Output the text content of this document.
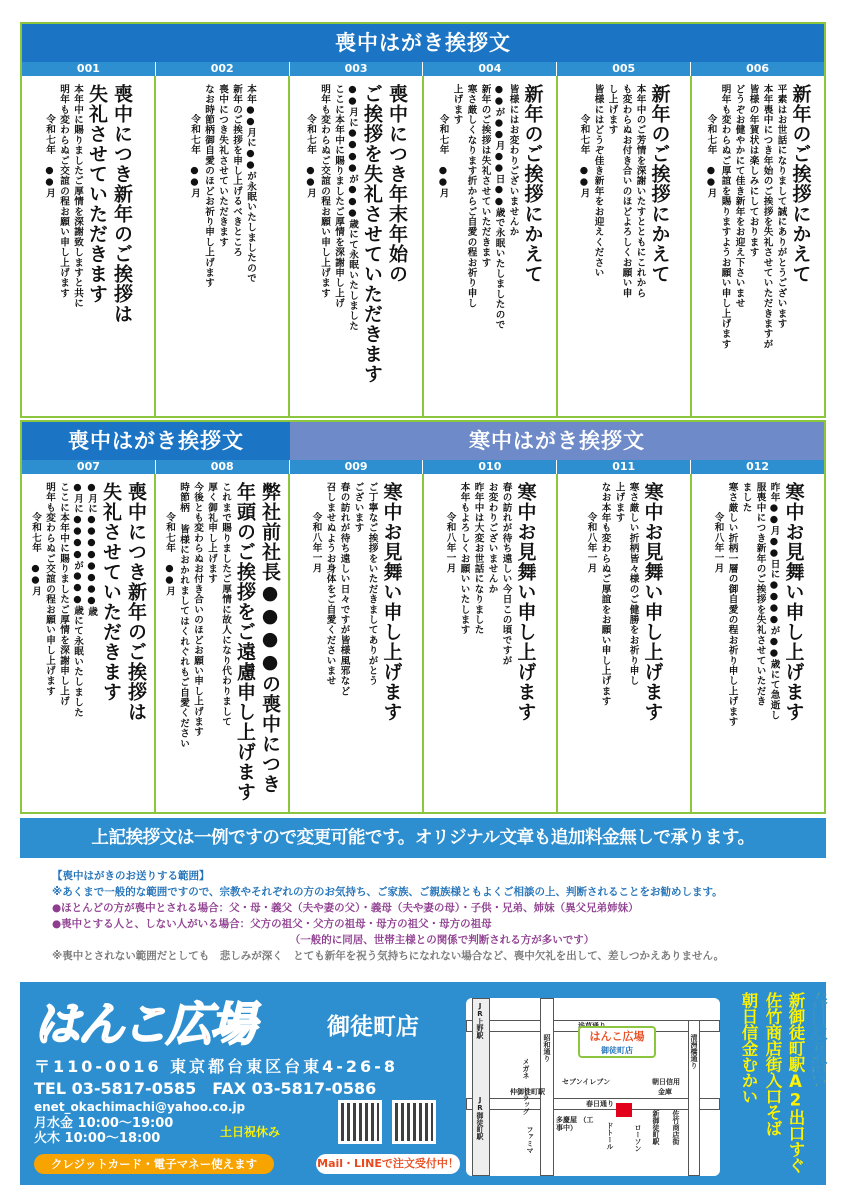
喪中はがき挨拶文
001	002	003	004	005	006
喪中につき新年のご挨拶は
失礼させていただきます
本年中に賜りましたご厚情を深謝致しますと共に
明年も変わらぬご交誼の程お願い申し上げます
令和七年　●●月	本年●●月に●●が永眠いたしましたので
新年のご挨拶を申し上げるべきところ
喪中につき失礼させていただきます
なお時節柄御自愛のほどお祈り申し上げます
令和七年　●●月	喪中につき年末年始の
ご挨拶を失礼させていただきます
●●月に●●●●が●●●歳にて永眠いたしました
ここに本年中に賜りましたご厚情を深謝申し上げ
明年も変わらぬご交誼の程お願い申し上げます
令和七年　●●月	新年のご挨拶にかえて
皆様にはお変わりございませんか
●●が●●月●●日●●歳で永眠いたしましたので
新年のご挨拶は失礼させていただきます
寒さ厳しくなります折からご自愛の程お祈り申し
上げます
令和七年　●●月	新年のご挨拶にかえて
本年中のご芳情を深謝いたすとともにこれから
も変わらぬお付き合いのほどよろしくお願い申
し上げます
皆様にはどうぞ佳き新年をお迎えください
令和七年　●●月	新年のご挨拶にかえて
平素はお世話になりまして誠にありがとうございます
本年喪中につき年始のご挨拶を失礼させていただきますが
皆様の年賀状は楽しみにしております
どうぞお健やかにて佳き新年をお迎え下さいませ
明年も変わらぬご厚誼を賜りますようお願い申し上げます
令和七年　●●月
喪中はがき挨拶文	寒中はがき挨拶文
007	008	009	010	011	012
喪中につき新年のご挨拶は
失礼させていただきます
●月に●●●●●●●●歳
●月に●●●●が●●●歳にて永眠いたしました
ここに本年中に賜りましたご厚情を深謝申し上げ
明年も変わらぬご交誼の程お願い申し上げます
令和七年　●●月	弊社前社長●●●●の喪中につき
年頭のご挨拶をご遠慮申し上げます
これまで賜りましたご厚情に故人になり代わりまして
厚く御礼申し上げます
今後とも変わらぬお付き合いのほどお願い申し上げます
時節柄 皆様におかれましてはくれぐれもご自愛ください
令和七年　●●月	寒中お見舞い申し上げます
ご丁寧なご挨拶をいただきましてありがとう
ございます
春の訪れが待ち遠しい日々ですが皆様風邪など
召しませぬようお身体をご自愛くださいませ
令和八年一月	寒中お見舞い申し上げます
春の訪れが待ち遠しい今日この頃ですが
お変わりございませんか
昨年中は大変お世話になりました
本年もよろしくお願いいたします
令和八年一月	寒中お見舞い申し上げます
寒さ厳しい折柄皆々様のご健勝をお祈り申し
上げます
なお本年も変わらぬご厚誼をお願い申し上げます
令和八年一月	寒中お見舞い申し上げます
昨年●●月●●日に●●●●が●●歳にて急逝し
服喪中につき新年のご挨拶を失礼させていただき
ました
寒さ厳しい折柄一層の御自愛の程お祈り申し上げます
令和八年一月
上記挨拶文は一例ですので変更可能です。オリジナル文章も追加料金無しで承ります。
【喪中はがきのお送りする範囲】
※あくまで一般的な範囲ですので、宗教やそれぞれの方のお気持ち、ご家族、ご親族様ともよくご相談の上、判断されることをお勧めします。
●ほとんどの方が喪中とされる場合：父・母・義父（夫や妻の父）・義母（夫や妻の母）・子供・兄弟、姉妹（異父兄弟姉妹）
●喪中とする人と、しない人がいる場合：父方の祖父・父方の祖母・母方の祖父・母方の祖母
（一般的に同居、世帯主様との関係で判断される方が多いです）
※喪中とされない範囲だとしても　悲しみが深く　とても新年を祝う気持ちになれない場合など、喪中欠礼を出して、差しつかえありません。
はんこ広場	御徒町店
〒110-0016 東京都台東区台東4-26-8
TEL 03-5817-0585　FAX 03-5817-0586
enet_okachimachi@yahoo.co.jp
月水金 10:00〜19:00
火木 10:00〜18:00	土日祝休み
クレジットカード・電子マネー使えます	Mail・LINEで注文受付中！
JR上野駅
昭和通り
メガネ ドラッグ	セブンイレブン	朝日信用
金庫
清洲橋通り
JR御徒町駅
仲御徒町駅
春日通り
多慶屋 （工事中）
ファミマ	ドトール	ローソン 新御徒町駅 佐竹商店街
はんこ広場
御徒町店	春日通り沿い
新御徒町駅A2出口すぐ
佐竹商店街入口そば
朝日信金むかい
